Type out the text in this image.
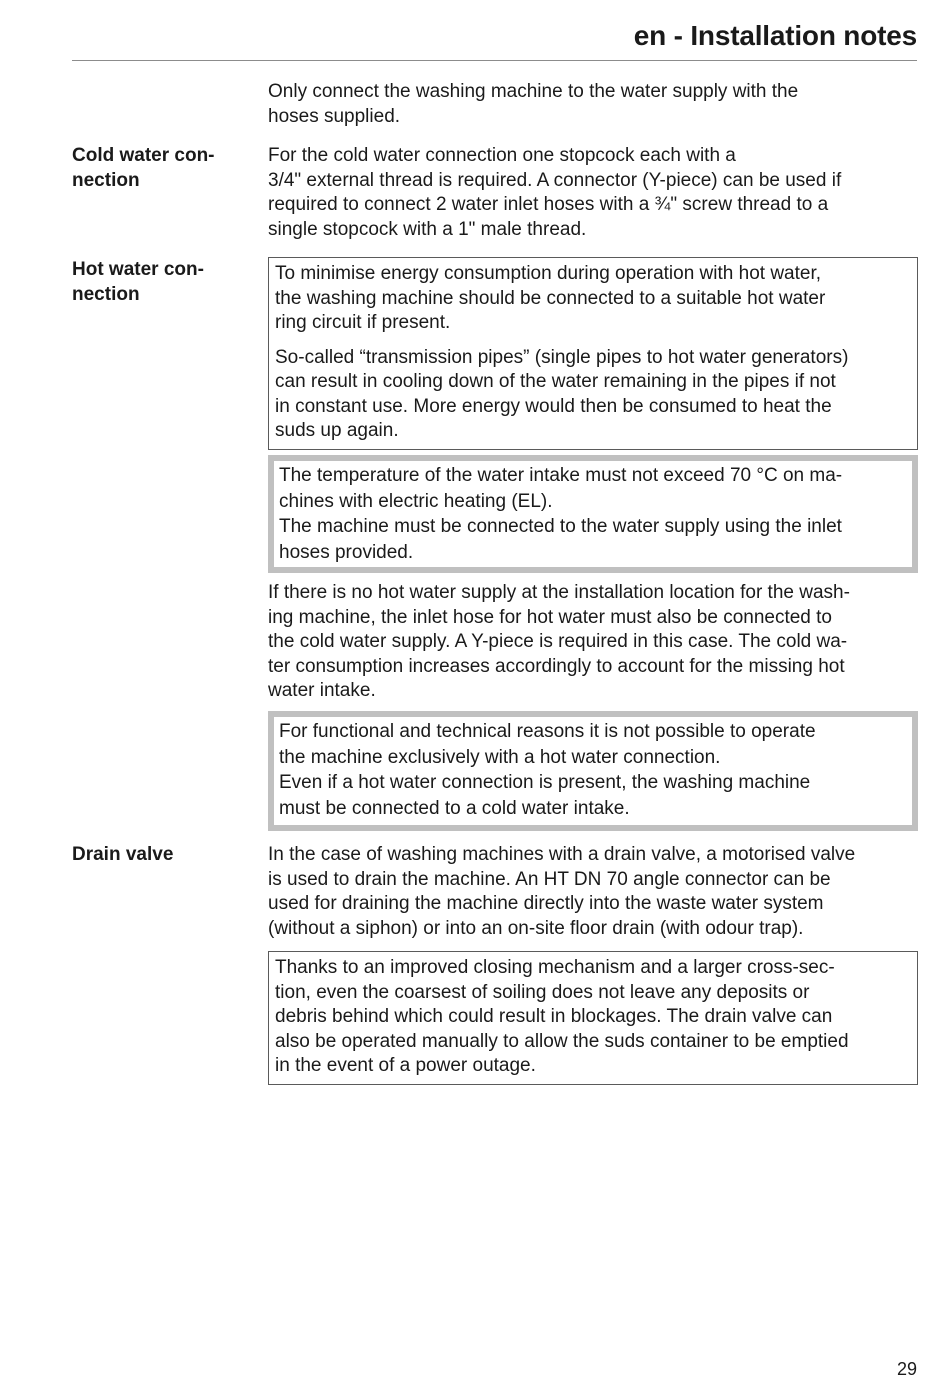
en - Installation notes
Only connect the washing machine to the water supply with the
hoses supplied.
Cold water con-
nection
For the cold water connection one stopcock each with a
3/4" external thread is required. A connector (Y-piece) can be used if
required to connect 2 water inlet hoses with a ¾" screw thread to a
single stopcock with a 1" male thread.
Hot water con-
nection

To minimise energy consumption during operation with hot water,
the washing machine should be connected to a suitable hot water
ring circuit if present.

So-called “transmission pipes” (single pipes to hot water generators)
can result in cooling down of the water remaining in the pipes if not
in constant use. More energy would then be consumed to heat the
suds up again.

The temperature of the water intake must not exceed 70 °C on ma-
chines with electric heating (EL).

The machine must be connected to the water supply using the inlet
hoses provided.

If there is no hot water supply at the installation location for the wash-
ing machine, the inlet hose for hot water must also be connected to
the cold water supply. A Y-piece is required in this case. The cold wa-
ter consumption increases accordingly to account for the missing hot
water intake.

For functional and technical reasons it is not possible to operate
the machine exclusively with a hot water connection.

Even if a hot water connection is present, the washing machine
must be connected to a cold water intake.

Drain valve	In the case of washing machines with a drain valve, a motorised valve
is used to drain the machine. An HT DN 70 angle connector can be
used for draining the machine directly into the waste water system
(without a siphon) or into an on-site floor drain (with odour trap).

Thanks to an improved closing mechanism and a larger cross-sec-
tion, even the coarsest of soiling does not leave any deposits or
debris behind which could result in blockages. The drain valve can
also be operated manually to allow the suds container to be emptied
in the event of a power outage.

29
